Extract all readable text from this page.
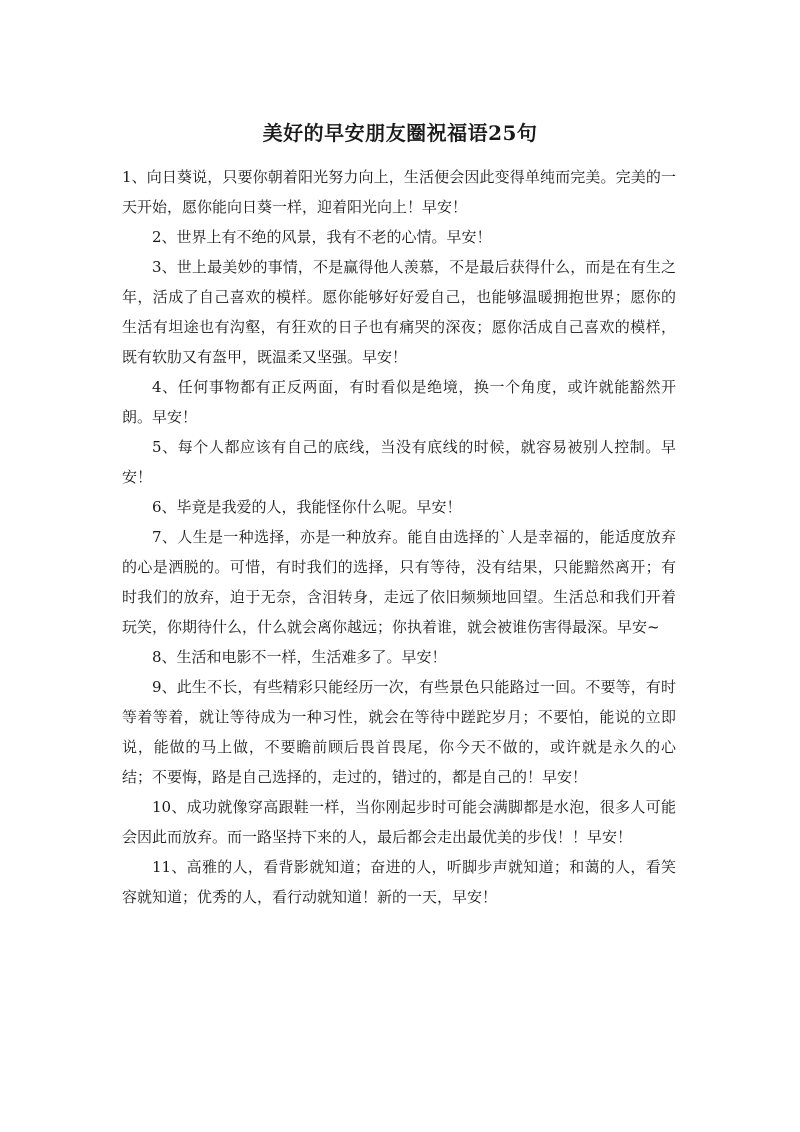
美好的早安朋友圈祝福语25句

1、向日葵说，只要你朝着阳光努力向上，生活便会因此变得单纯而完美。完美的一天开始，愿你能向日葵一样，迎着阳光向上！早安！

2、世界上有不绝的风景，我有不老的心情。早安！

3、世上最美妙的事情，不是赢得他人羡慕，不是最后获得什么，而是在有生之年，活成了自己喜欢的模样。愿你能够好好爱自己，也能够温暖拥抱世界；愿你的生活有坦途也有沟壑，有狂欢的日子也有痛哭的深夜；愿你活成自己喜欢的模样，既有软肋又有盔甲，既温柔又坚强。早安！

4、任何事物都有正反两面，有时看似是绝境，换一个角度，或许就能豁然开朗。早安！

5、每个人都应该有自己的底线，当没有底线的时候，就容易被别人控制。早安！

6、毕竟是我爱的人，我能怪你什么呢。早安！

7、人生是一种选择，亦是一种放弃。能自由选择的`人是幸福的，能适度放弃的心是洒脱的。可惜，有时我们的选择，只有等待，没有结果，只能黯然离开；有时我们的放弃，迫于无奈，含泪转身，走远了依旧频频地回望。生活总和我们开着玩笑，你期待什么，什么就会离你越远；你执着谁，就会被谁伤害得最深。早安~

8、生活和电影不一样，生活难多了。早安！

9、此生不长，有些精彩只能经历一次，有些景色只能路过一回。不要等，有时等着等着，就让等待成为一种习性，就会在等待中蹉跎岁月；不要怕，能说的立即说，能做的马上做，不要瞻前顾后畏首畏尾，你今天不做的，或许就是永久的心结；不要悔，路是自己选择的，走过的，错过的，都是自己的！早安！

10、成功就像穿高跟鞋一样，当你刚起步时可能会满脚都是水泡，很多人可能会因此而放弃。而一路坚持下来的人，最后都会走出最优美的步伐！！早安！

11、高雅的人，看背影就知道；奋进的人，听脚步声就知道；和蔼的人，看笑容就知道；优秀的人，看行动就知道！新的一天，早安！
